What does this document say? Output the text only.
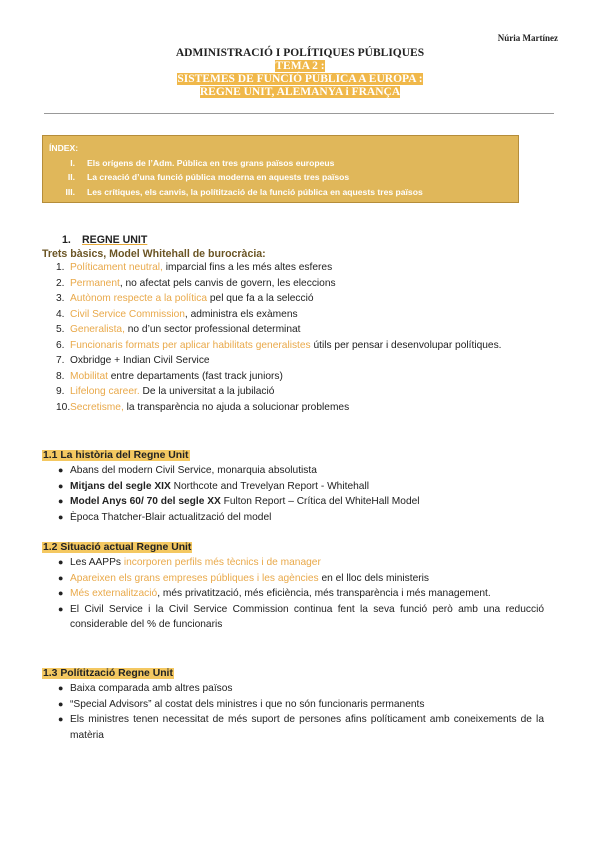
Núria Martínez
ADMINISTRACIÓ I POLÍTIQUES PÚBLIQUES
TEMA 2 :
SISTEMES DE FUNCIÓ PÚBLICA A EUROPA :
REGNE UNIT, ALEMANYA i FRANÇA
ÍNDEX:
I.	Els orígens de l’Adm. Pública en tres grans països europeus
II.	La creació d’una funció pública moderna en aquests tres països
III.	Les crítiques, els canvis, la polítització de la funció pública en aquests tres països
1. REGNE UNIT
Trets bàsics, Model Whitehall de burocràcia:
1. Políticament neutral, imparcial fins a les més altes esferes
2. Permanent, no afectat pels canvis de govern, les eleccions
3. Autònom respecte a la política pel que fa a la selecció
4. Civil Service Commission, administra els exàmens
5. Generalista, no d’un sector professional determinat
6. Funcionaris formats per aplicar habilitats generalistes útils per pensar i desenvolupar polítiques.
7. Oxbridge + Indian Civil Service
8. Mobilitat entre departaments (fast track juniors)
9. Lifelong career. De la universitat a la jubilació
10. Secretisme, la transparència no ajuda a solucionar problemes
1.1 La història del Regne Unit
● Abans del modern Civil Service, monarquia absolutista
● Mitjans del segle XIX Northcote and Trevelyan Report - Whitehall
● Model Anys 60/ 70 del segle XX Fulton Report – Crítica del WhiteHall Model
● Època Thatcher-Blair actualització del model
1.2 Situació actual Regne Unit
● Les AAPPs incorporen perfils més tècnics i de manager
● Apareixen els grans empreses públiques i les agències en el lloc dels ministeris
● Més externalització, més privatització, més eficiència, més transparència i més management.
● El Civil Service i la Civil Service Commission continua fent la seva funció però amb una reducció considerable del % de funcionaris
1.3 Polítització Regne Unit
● Baixa comparada amb altres països
● “Special Advisors” al costat dels ministres i que no són funcionaris permanents
● Els ministres tenen necessitat de més suport de persones afins políticament amb coneixements de la matèria
